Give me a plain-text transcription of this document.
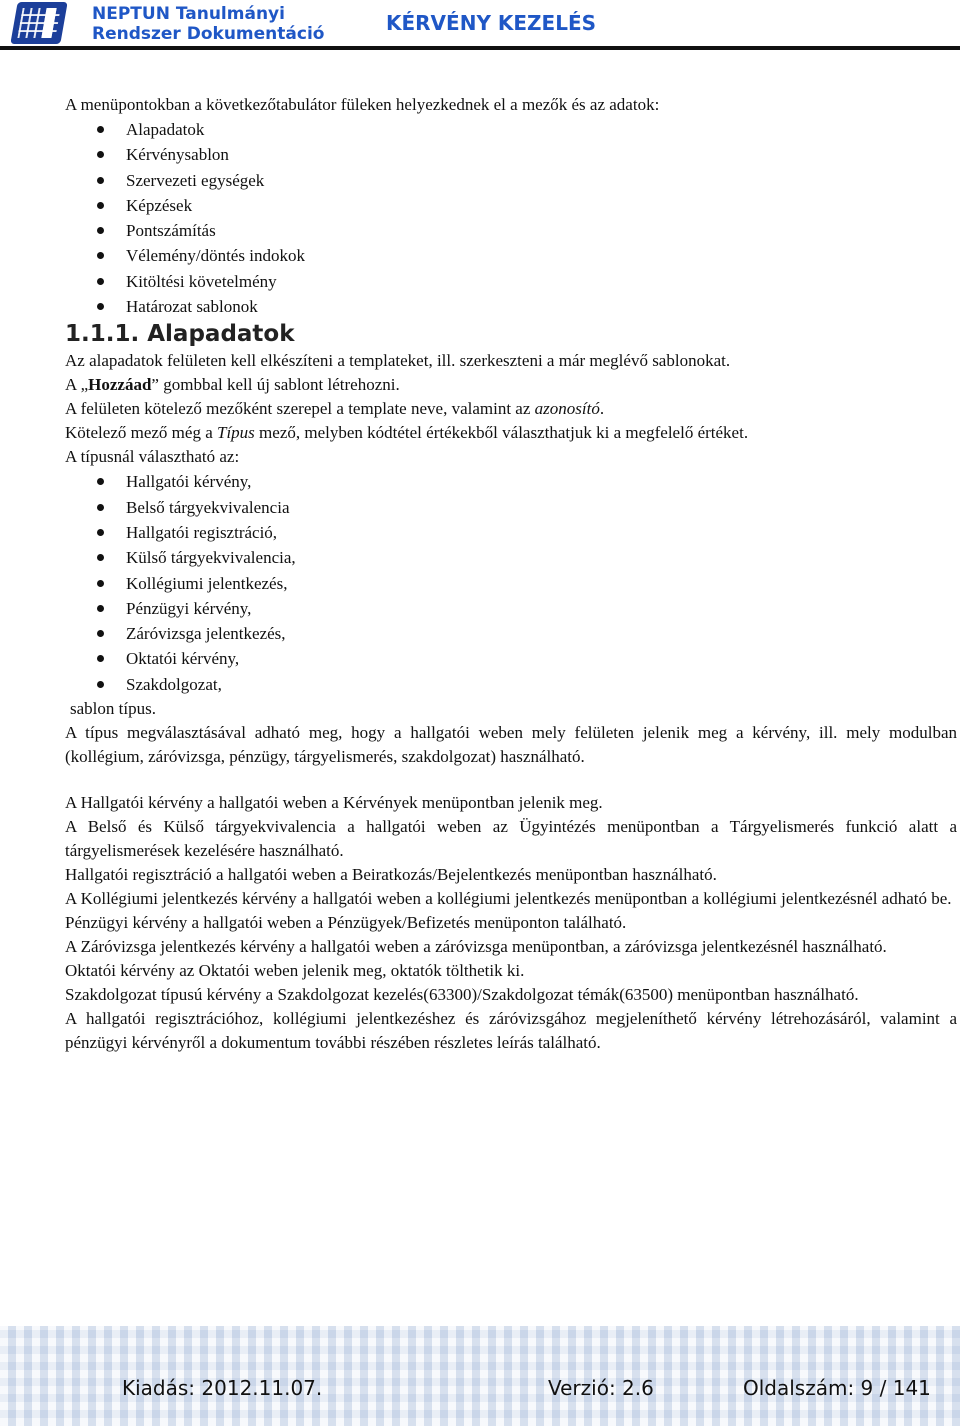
NEPTUN Tanulmányi
Rendszer Dokumentáció	KÉRVÉNY KEZELÉS

A menüpontokban a következőtabulátor füleken helyezkednek el a mezők és az adatok:

Alapadatok
Kérvénysablon
Szervezeti egységek
Képzések
Pontszámítás
Vélemény/döntés indokok
Kitöltési követelmény
Határozat sablonok
1.1.1. Alapadatok

Az alapadatok felületen kell elkészíteni a templateket, ill. szerkeszteni a már meglévő sablonokat.
A „Hozzáad” gombbal kell új sablont létrehozni.

A felületen kötelező mezőként szerepel a template neve, valamint az azonosító.
Kötelező mező még a Típus mező, melyben kódtétel értékekből választhatjuk ki a megfelelő értéket.

A típusnál választható az:

Hallgatói kérvény,
Belső tárgyekvivalencia
Hallgatói regisztráció,
Külső tárgyekvivalencia,
Kollégiumi jelentkezés,
Pénzügyi kérvény,
Záróvizsga jelentkezés,
Oktatói kérvény,
Szakdolgozat,

sablon típus.

A típus megválasztásával adható meg, hogy a hallgatói weben mely felületen jelenik meg a kérvény, ill. mely modulban (kollégium, záróvizsga, pénzügy, tárgyelismerés, szakdolgozat) használható.

A Hallgatói kérvény a hallgatói weben a Kérvények menüpontban jelenik meg.

A Belső és Külső tárgyekvivalencia a hallgatói weben az Ügyintézés menüpontban a Tárgyelismerés funkció alatt a tárgyelismerések kezelésére használható.

Hallgatói regisztráció a hallgatói weben a Beiratkozás/Bejelentkezés menüpontban használható.

A Kollégiumi jelentkezés kérvény a hallgatói weben a kollégiumi jelentkezés menüpontban a kollégiumi jelentkezésnél adható be.

Pénzügyi kérvény a hallgatói weben a Pénzügyek/Befizetés menüponton található.

A Záróvizsga jelentkezés kérvény a hallgatói weben a záróvizsga menüpontban, a záróvizsga jelentkezésnél használható.

Oktatói kérvény az Oktatói weben jelenik meg, oktatók tölthetik ki.

Szakdolgozat típusú kérvény a Szakdolgozat kezelés(63300)/Szakdolgozat témák(63500) menüpontban használható.

A hallgatói regisztrációhoz, kollégiumi jelentkezéshez és záróvizsgához megjeleníthető kérvény létrehozásáról, valamint a pénzügyi kérvényről a dokumentum további részében részletes leírás található.

Kiadás: 2012.11.07.	Verzió: 2.6	Oldalszám: 9 / 141
